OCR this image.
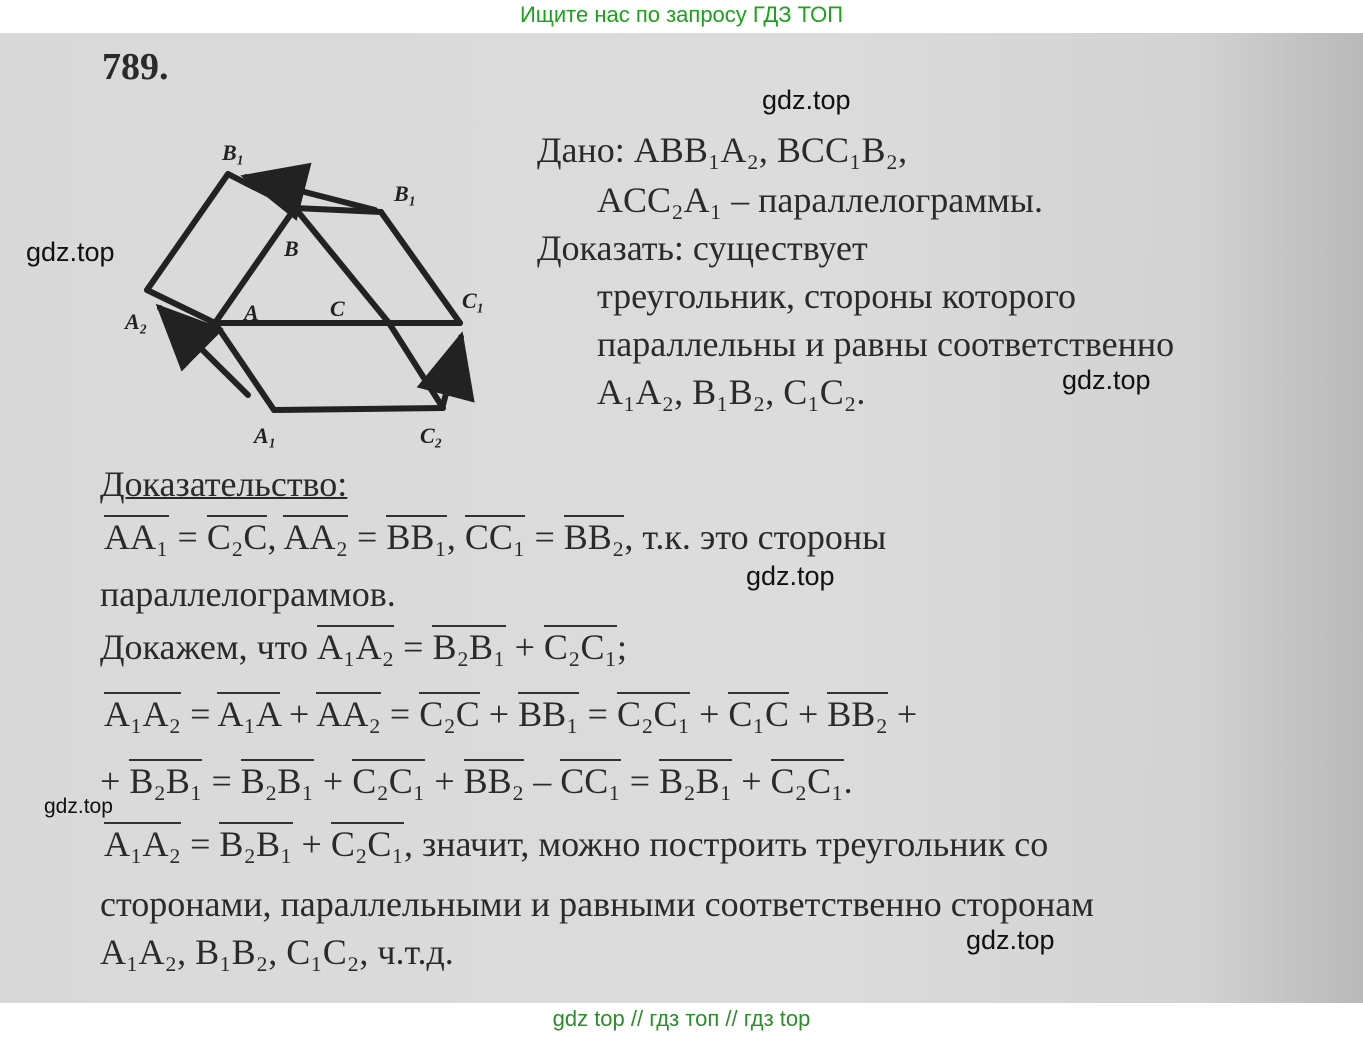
Ищите нас по запросу ГДЗ ТОП
gdz.top
gdz.top
gdz.top
gdz.top
gdz.top
gdz.top
789.
B₁
B₁
B
A₂	A	C	C₁
A₁	C₂
Дано: ABB₁A₂, BCC₁B₂,
ACC₂A₁ – параллелограммы.
Доказать: существует
треугольник, стороны которого
параллельны и равны соответственно
A₁A₂, B₁B₂, C₁C₂.
Доказательство:
AA₁ = C₂C, AA₂ = BB₁, CC₁ = BB₂, т.к. это стороны
параллелограммов.
Докажем, что A₁A₂ = B₂B₁ + C₂C₁;
A₁A₂ = A₁A + AA₂ = C₂C + BB₁ = C₂C₁ + C₁C + BB₂ +
+ B₂B₁ = B₂B₁ + C₂C₁ + BB₂ – CC₁ = B₂B₁ + C₂C₁.
A₁A₂ = B₂B₁ + C₂C₁, значит, можно построить треугольник со
сторонами, параллельными и равными соответственно сторонам
A₁A₂, B₁B₂, C₁C₂, ч.т.д.
gdz top // гдз топ // гдз top
